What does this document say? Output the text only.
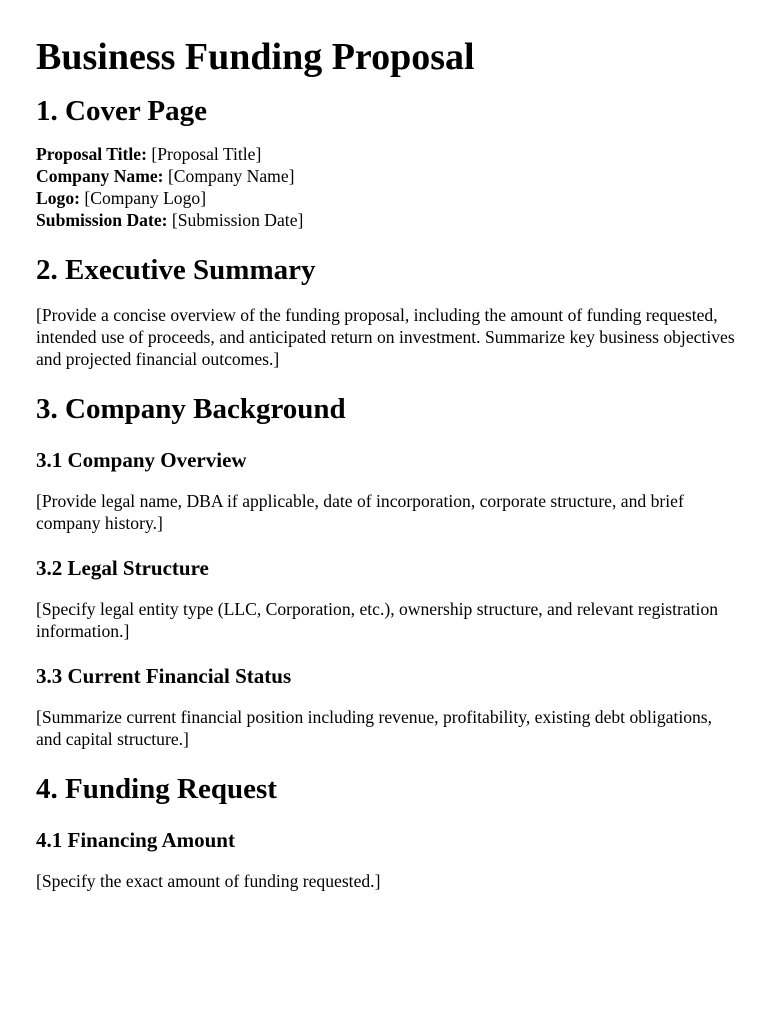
Business Funding Proposal
1. Cover Page
Proposal Title: [Proposal Title]
Company Name: [Company Name]
Logo: [Company Logo]
Submission Date: [Submission Date]
2. Executive Summary

[Provide a concise overview of the funding proposal, including the amount of funding requested, intended use of proceeds, and anticipated return on investment. Summarize key business objectives and projected financial outcomes.]

3. Company Background
3.1 Company Overview

[Provide legal name, DBA if applicable, date of incorporation, corporate structure, and brief company history.]

3.2 Legal Structure

[Specify legal entity type (LLC, Corporation, etc.), ownership structure, and relevant registration information.]

3.3 Current Financial Status

[Summarize current financial position including revenue, profitability, existing debt obligations, and capital structure.]

4. Funding Request
4.1 Financing Amount

[Specify the exact amount of funding requested.]
